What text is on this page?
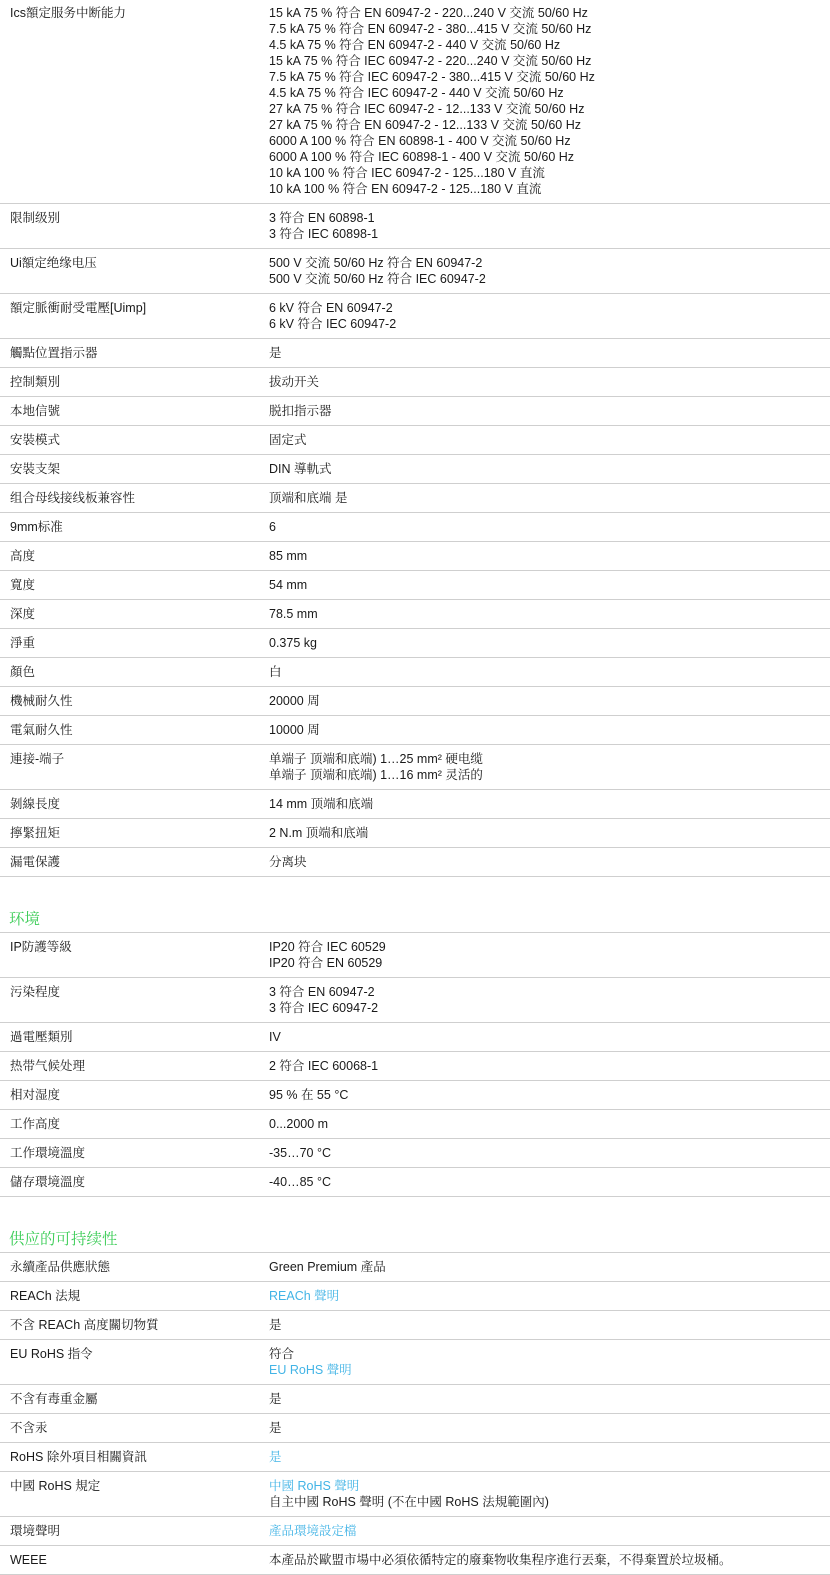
Ics額定服务中断能力	15 kA 75 % 符合 EN 60947-2 - 220...240 V 交流 50/60 Hz
7.5 kA 75 % 符合 EN 60947-2 - 380...415 V 交流 50/60 Hz
4.5 kA 75 % 符合 EN 60947-2 - 440 V 交流 50/60 Hz
15 kA 75 % 符合 IEC 60947-2 - 220...240 V 交流 50/60 Hz
7.5 kA 75 % 符合 IEC 60947-2 - 380...415 V 交流 50/60 Hz
4.5 kA 75 % 符合 IEC 60947-2 - 440 V 交流 50/60 Hz
27 kA 75 % 符合 IEC 60947-2 - 12...133 V 交流 50/60 Hz
27 kA 75 % 符合 EN 60947-2 - 12...133 V 交流 50/60 Hz
6000 A 100 % 符合 EN 60898-1 - 400 V 交流 50/60 Hz
6000 A 100 % 符合 IEC 60898-1 - 400 V 交流 50/60 Hz
10 kA 100 % 符合 IEC 60947-2 - 125...180 V 直流
10 kA 100 % 符合 EN 60947-2 - 125...180 V 直流
限制级别	3 符合 EN 60898-1
3 符合 IEC 60898-1
Ui額定绝缘电压	500 V 交流 50/60 Hz 符合 EN 60947-2
500 V 交流 50/60 Hz 符合 IEC 60947-2
額定脈衝耐受電壓[Uimp]	6 kV 符合 EN 60947-2
6 kV 符合 IEC 60947-2
觸點位置指示器	是
控制類別	拔动开关
本地信號	脱扣指示器
安裝模式	固定式
安裝支架	DIN 導軌式
组合母线接线板兼容性	顶端和底端 是
9mm标准	6
高度	85 mm
寬度	54 mm
深度	78.5 mm
淨重	0.375 kg
顏色	白
機械耐久性	20000 周
電氣耐久性	10000 周
連接-端子	单端子 顶端和底端) 1…25 mm² 硬电缆
单端子 顶端和底端) 1…16 mm² 灵活的
剝線長度	14 mm 顶端和底端
擰緊扭矩	2 N.m 顶端和底端
漏電保護	分离块
环境
IP防護等級	IP20 符合 IEC 60529
IP20 符合 EN 60529
污染程度	3 符合 EN 60947-2
3 符合 IEC 60947-2
過電壓類別	IV
热带气候处理	2 符合 IEC 60068-1
相对湿度	95 % 在 55 °C
工作高度	0...2000 m
工作環境溫度	-35…70 °C
儲存環境溫度	-40…85 °C
供应的可持续性
永續產品供應狀態	Green Premium 產品
REACh 法規	REACh 聲明
不含 REACh 高度關切物質	是
EU RoHS 指令	符合
EU RoHS 聲明
不含有毒重金屬	是
不含汞	是
RoHS 除外項目相關資訊	是
中國 RoHS 規定	中國 RoHS 聲明
自主中國 RoHS 聲明 (不在中國 RoHS 法規範圍內)
環境聲明	產品環境設定檔
WEEE	本產品於歐盟市場中必須依循特定的廢棄物收集程序進行丟棄，不得棄置於垃圾桶。
